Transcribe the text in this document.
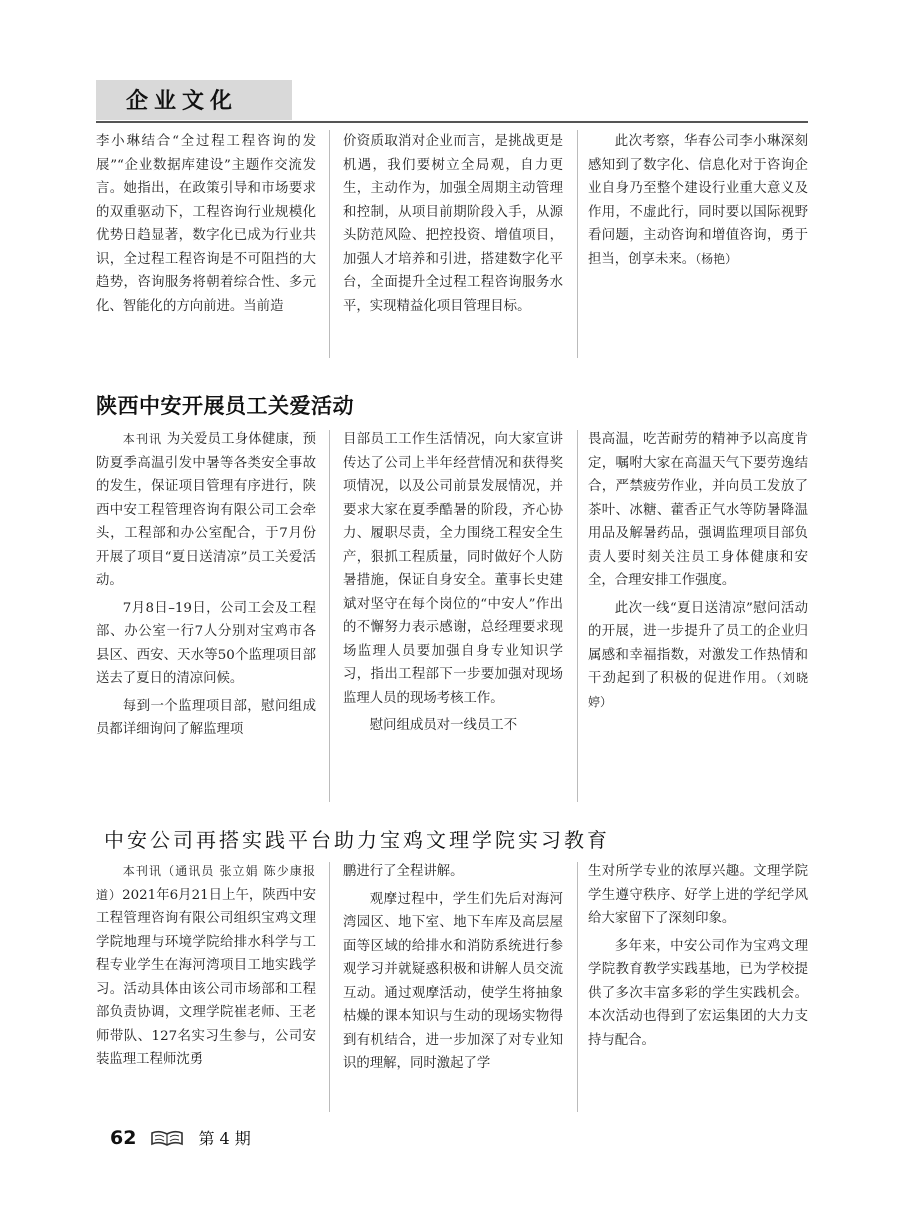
企业文化

李小琳结合“全过程工程咨询的发展”“企业数据库建设”主题作交流发言。她指出，在政策引导和市场要求的双重驱动下，工程咨询行业规模化优势日趋显著，数字化已成为行业共识，全过程工程咨询是不可阻挡的大趋势，咨询服务将朝着综合性、多元化、智能化的方向前进。当前造

价资质取消对企业而言，是挑战更是机遇，我们要树立全局观，自力更生，主动作为，加强全周期主动管理和控制，从项目前期阶段入手，从源头防范风险、把控投资、增值项目，加强人才培养和引进，搭建数字化平台，全面提升全过程工程咨询服务水平，实现精益化项目管理目标。

此次考察，华春公司李小琳深刻感知到了数字化、信息化对于咨询企业自身乃至整个建设行业重大意义及作用，不虚此行，同时要以国际视野看问题，主动咨询和增值咨询，勇于担当，创享未来。（杨艳）

陕西中安开展员工关爱活动

本刊讯 为关爱员工身体健康，预防夏季高温引发中暑等各类安全事故的发生，保证项目管理有序进行，陕西中安工程管理咨询有限公司工会牵头，工程部和办公室配合，于7月份开展了项目“夏日送清凉”员工关爱活动。

7月8日–19日，公司工会及工程部、办公室一行7人分别对宝鸡市各县区、西安、天水等50个监理项目部送去了夏日的清凉问候。

每到一个监理项目部，慰问组成员都详细询问了解监理项

目部员工工作生活情况，向大家宣讲传达了公司上半年经营情况和获得奖项情况，以及公司前景发展情况，并要求大家在夏季酷暑的阶段，齐心协力、履职尽责，全力围绕工程安全生产，狠抓工程质量，同时做好个人防暑措施，保证自身安全。董事长史建斌对坚守在每个岗位的“中安人”作出的不懈努力表示感谢，总经理要求现场监理人员要加强自身专业知识学习，指出工程部下一步要加强对现场监理人员的现场考核工作。

慰问组成员对一线员工不

畏高温，吃苦耐劳的精神予以高度肯定，嘱咐大家在高温天气下要劳逸结合，严禁疲劳作业，并向员工发放了茶叶、冰糖、藿香正气水等防暑降温用品及解暑药品，强调监理项目部负责人要时刻关注员工身体健康和安全，合理安排工作强度。

此次一线“夏日送清凉”慰问活动的开展，进一步提升了员工的企业归属感和幸福指数，对激发工作热情和干劲起到了积极的促进作用。（刘晓婷）

中安公司再搭实践平台助力宝鸡文理学院实习教育

本刊讯（通讯员 张立娟 陈少康报道）2021年6月21日上午，陕西中安工程管理咨询有限公司组织宝鸡文理学院地理与环境学院给排水科学与工程专业学生在海河湾项目工地实践学习。活动具体由该公司市场部和工程部负责协调，文理学院崔老师、王老师带队、127名实习生参与，公司安装监理工程师沈勇

鹏进行了全程讲解。

观摩过程中，学生们先后对海河湾园区、地下室、地下车库及高层屋面等区域的给排水和消防系统进行参观学习并就疑惑积极和讲解人员交流互动。通过观摩活动，使学生将抽象枯燥的课本知识与生动的现场实物得到有机结合，进一步加深了对专业知识的理解，同时激起了学

生对所学专业的浓厚兴趣。文理学院学生遵守秩序、好学上进的学纪学风给大家留下了深刻印象。

多年来，中安公司作为宝鸡文理学院教育教学实践基地，已为学校提供了多次丰富多彩的学生实践机会。本次活动也得到了宏运集团的大力支持与配合。

62	第 4 期
